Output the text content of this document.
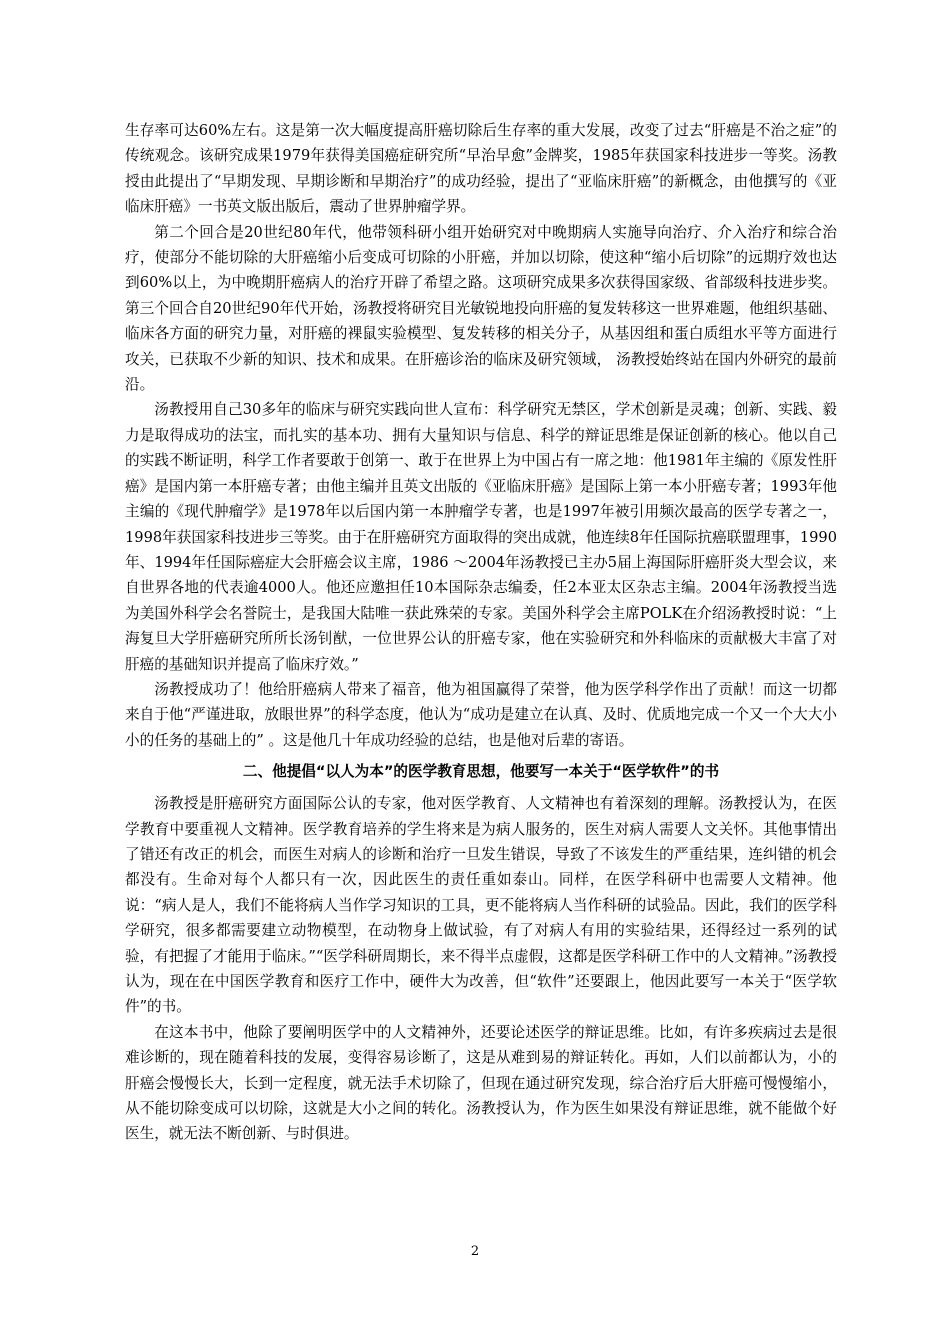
生存率可达60%左右。这是第一次大幅度提高肝癌切除后生存率的重大发展，改变了过去“肝癌是不治之症”的传统观念。该研究成果1979年获得美国癌症研究所“早治早愈”金牌奖，1985年获国家科技进步一等奖。汤教授由此提出了“早期发现、早期诊断和早期治疗”的成功经验，提出了“亚临床肝癌”的新概念，由他撰写的《亚临床肝癌》一书英文版出版后，震动了世界肿瘤学界。

第二个回合是20世纪80年代，他带领科研小组开始研究对中晚期病人实施导向治疗、介入治疗和综合治疗，使部分不能切除的大肝癌缩小后变成可切除的小肝癌，并加以切除，使这种“缩小后切除”的远期疗效也达到60%以上，为中晚期肝癌病人的治疗开辟了希望之路。这项研究成果多次获得国家级、省部级科技进步奖。第三个回合自20世纪90年代开始，汤教授将研究目光敏锐地投向肝癌的复发转移这一世界难题，他组织基础、临床各方面的研究力量，对肝癌的裸鼠实验模型、复发转移的相关分子，从基因组和蛋白质组水平等方面进行攻关，已获取不少新的知识、技术和成果。在肝癌诊治的临床及研究领域， 汤教授始终站在国内外研究的最前沿。

汤教授用自己30多年的临床与研究实践向世人宣布：科学研究无禁区，学术创新是灵魂；创新、实践、毅力是取得成功的法宝，而扎实的基本功、拥有大量知识与信息、科学的辩证思维是保证创新的核心。他以自己的实践不断证明，科学工作者要敢于创第一、敢于在世界上为中国占有一席之地：他1981年主编的《原发性肝癌》是国内第一本肝癌专著；由他主编并且英文出版的《亚临床肝癌》是国际上第一本小肝癌专著；1993年他主编的《现代肿瘤学》是1978年以后国内第一本肿瘤学专著，也是1997年被引用频次最高的医学专著之一，1998年获国家科技进步三等奖。由于在肝癌研究方面取得的突出成就，他连续8年任国际抗癌联盟理事，1990年、1994年任国际癌症大会肝癌会议主席，1986 ～2004年汤教授已主办5届上海国际肝癌肝炎大型会议，来自世界各地的代表逾4000人。他还应邀担任10本国际杂志编委，任2本亚太区杂志主编。2004年汤教授当选为美国外科学会名誉院士，是我国大陆唯一获此殊荣的专家。美国外科学会主席POLK在介绍汤教授时说：“上海复旦大学肝癌研究所所长汤钊猷，一位世界公认的肝癌专家，他在实验研究和外科临床的贡献极大丰富了对肝癌的基础知识并提高了临床疗效。”

汤教授成功了！他给肝癌病人带来了福音，他为祖国赢得了荣誉，他为医学科学作出了贡献！而这一切都来自于他“严谨进取，放眼世界”的科学态度，他认为“成功是建立在认真、及时、优质地完成一个又一个大大小小的任务的基础上的” 。这是他几十年成功经验的总结，也是他对后辈的寄语。

二、他提倡“以人为本”的医学教育思想，他要写一本关于“医学软件”的书

汤教授是肝癌研究方面国际公认的专家，他对医学教育、人文精神也有着深刻的理解。汤教授认为，在医学教育中要重视人文精神。医学教育培养的学生将来是为病人服务的，医生对病人需要人文关怀。其他事情出了错还有改正的机会，而医生对病人的诊断和治疗一旦发生错误，导致了不该发生的严重结果，连纠错的机会都没有。生命对每个人都只有一次，因此医生的责任重如泰山。同样，在医学科研中也需要人文精神。他说：“病人是人，我们不能将病人当作学习知识的工具，更不能将病人当作科研的试验品。因此，我们的医学科学研究，很多都需要建立动物模型，在动物身上做试验，有了对病人有用的实验结果，还得经过一系列的试验，有把握了才能用于临床。”“医学科研周期长，来不得半点虚假，这都是医学科研工作中的人文精神。”汤教授认为，现在在中国医学教育和医疗工作中，硬件大为改善，但“软件”还要跟上，他因此要写一本关于“医学软件”的书。

在这本书中，他除了要阐明医学中的人文精神外，还要论述医学的辩证思维。比如，有许多疾病过去是很难诊断的，现在随着科技的发展，变得容易诊断了，这是从难到易的辩证转化。再如，人们以前都认为，小的肝癌会慢慢长大，长到一定程度，就无法手术切除了，但现在通过研究发现，综合治疗后大肝癌可慢慢缩小，从不能切除变成可以切除，这就是大小之间的转化。汤教授认为，作为医生如果没有辩证思维，就不能做个好医生，就无法不断创新、与时俱进。

2
